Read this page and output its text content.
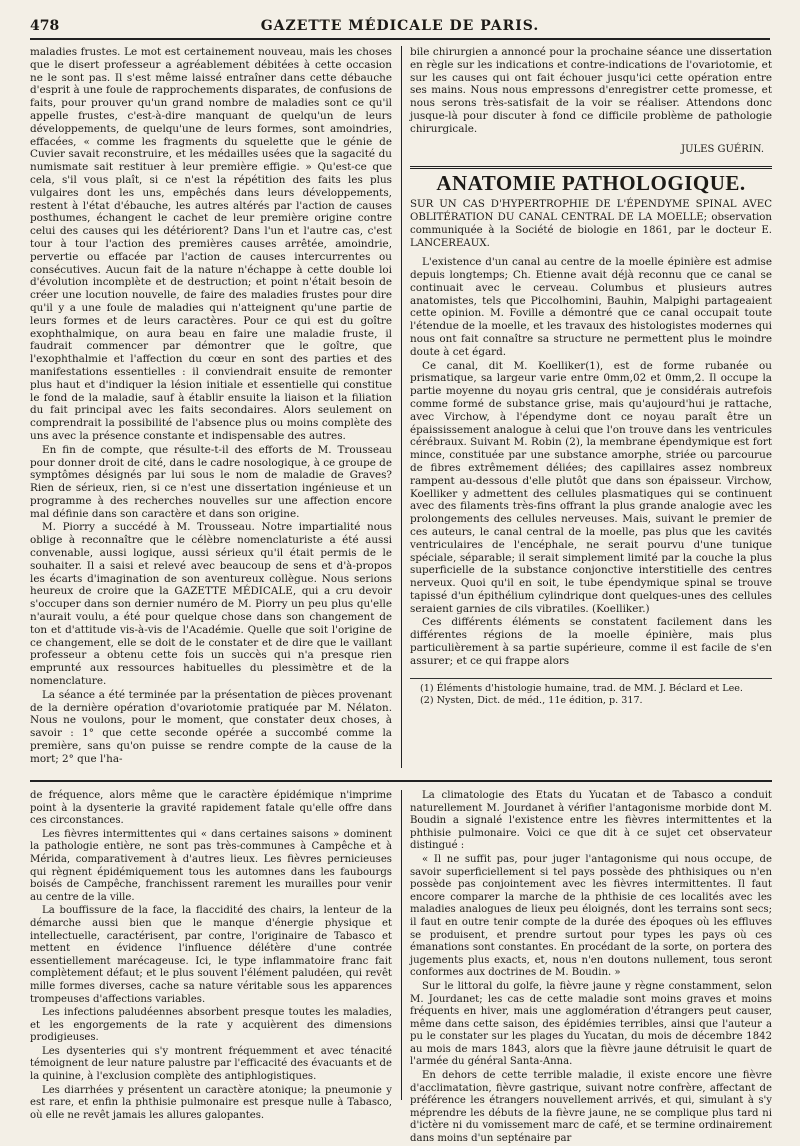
478	GAZETTE MÉDICALE DE PARIS.

maladies frustes. Le mot est certainement nouveau, mais les choses que le disert professeur a agréablement débitées à cette occasion ne le sont pas. Il s'est même laissé entraîner dans cette débauche d'esprit à une foule de rapprochements disparates, de confusions de faits, pour prouver qu'un grand nombre de maladies sont ce qu'il appelle frustes, c'est-à-dire manquant de quelqu'un de leurs développements, de quelqu'une de leurs formes, sont amoindries, effacées, « comme les fragments du squelette que le génie de Cuvier savait reconstruire, et les médailles usées que la sagacité du numismate sait restituer à leur première effigie. » Qu'est-ce que cela, s'il vous plaît, si ce n'est la répétition des faits les plus vulgaires dont les uns, empêchés dans leurs développements, restent à l'état d'ébauche, les autres altérés par l'action de causes posthumes, échangent le cachet de leur première origine contre celui des causes qui les détériorent? Dans l'un et l'autre cas, c'est tour à tour l'action des premières causes arrêtée, amoindrie, pervertie ou effacée par l'action de causes intercurrentes ou consécutives. Aucun fait de la nature n'échappe à cette double loi d'évolution incomplète et de destruction; et point n'était besoin de créer une locution nouvelle, de faire des maladies frustes pour dire qu'il y a une foule de maladies qui n'atteignent qu'une partie de leurs formes et de leurs caractères. Pour ce qui est du goître exophthalmique, on aura beau en faire une maladie fruste, il faudrait commencer par démontrer que le goître, que l'exophthalmie et l'affection du cœur en sont des parties et des manifestations essentielles : il conviendrait ensuite de remonter plus haut et d'indiquer la lésion initiale et essentielle qui constitue le fond de la maladie, sauf à établir ensuite la liaison et la filiation du fait principal avec les faits secondaires. Alors seulement on comprendrait la possibilité de l'absence plus ou moins complète des uns avec la présence constante et indispensable des autres.

En fin de compte, que résulte-t-il des efforts de M. Trousseau pour donner droit de cité, dans le cadre nosologique, à ce groupe de symptômes désignés par lui sous le nom de maladie de Graves? Rien de sérieux, rien, si ce n'est une dissertation ingénieuse et un programme à des recherches nouvelles sur une affection encore mal définie dans son caractère et dans son origine.

M. Piorry a succédé à M. Trousseau. Notre impartialité nous oblige à reconnaître que le célèbre nomenclaturiste a été aussi convenable, aussi logique, aussi sérieux qu'il était permis de le souhaiter. Il a saisi et relevé avec beaucoup de sens et d'à-propos les écarts d'imagination de son aventureux collègue. Nous serions heureux de croire que la GAZETTE MÉDICALE, qui a cru devoir s'occuper dans son dernier numéro de M. Piorry un peu plus qu'elle n'aurait voulu, a été pour quelque chose dans son changement de ton et d'attitude vis-à-vis de l'Académie. Quelle que soit l'origine de ce changement, elle se doit de le constater et de dire que le vaillant professeur a obtenu cette fois un succès qui n'a presque rien emprunté aux ressources habituelles du plessimètre et de la nomenclature.

La séance a été terminée par la présentation de pièces provenant de la dernière opération d'ovariotomie pratiquée par M. Nélaton. Nous ne voulons, pour le moment, que constater deux choses, à savoir : 1° que cette seconde opérée a succombé comme la première, sans qu'on puisse se rendre compte de la cause de la mort; 2° que l'ha-

bile chirurgien a annoncé pour la prochaine séance une dissertation en règle sur les indications et contre-indications de l'ovariotomie, et sur les causes qui ont fait échouer jusqu'ici cette opération entre ses mains. Nous nous empressons d'enregistrer cette promesse, et nous serons très-satisfait de la voir se réaliser. Attendons donc jusque-là pour discuter à fond ce difficile problème de pathologie chirurgicale.

JULES GUÉRIN.
ANATOMIE PATHOLOGIQUE.

SUR UN CAS D'HYPERTROPHIE DE L'ÉPENDYME SPINAL AVEC OBLITÉRATION DU CANAL CENTRAL DE LA MOELLE; observation communiquée à la Société de biologie en 1861, par le docteur E. LANCEREAUX.

L'existence d'un canal au centre de la moelle épinière est admise depuis longtemps; Ch. Etienne avait déjà reconnu que ce canal se continuait avec le cerveau. Columbus et plusieurs autres anatomistes, tels que Piccolhomini, Bauhin, Malpighi partageaient cette opinion. M. Foville a démontré que ce canal occupait toute l'étendue de la moelle, et les travaux des histologistes modernes qui nous ont fait connaître sa structure ne permettent plus le moindre doute à cet égard.

Ce canal, dit M. Koelliker(1), est de forme rubanée ou prismatique, sa largeur varie entre 0mm,02 et 0mm,2. Il occupe la partie moyenne du noyau gris central, que je considérais autrefois comme formé de substance grise, mais qu'aujourd'hui je rattache, avec Virchow, à l'épendyme dont ce noyau paraît être un épaississement analogue à celui que l'on trouve dans les ventricules cérébraux. Suivant M. Robin (2), la membrane épendymique est fort mince, constituée par une substance amorphe, striée ou parcourue de fibres extrêmement déliées; des capillaires assez nombreux rampent au-dessous d'elle plutôt que dans son épaisseur. Virchow, Koelliker y admettent des cellules plasmatiques qui se continuent avec des filaments très-fins offrant la plus grande analogie avec les prolongements des cellules nerveuses. Mais, suivant le premier de ces auteurs, le canal central de la moelle, pas plus que les cavités ventriculaires de l'encéphale, ne serait pourvu d'une tunique spéciale, séparable; il serait simplement limité par la couche la plus superficielle de la substance conjonctive interstitielle des centres nerveux. Quoi qu'il en soit, le tube épendymique spinal se trouve tapissé d'un épithélium cylindrique dont quelques-unes des cellules seraient garnies de cils vibratiles. (Koelliker.)

Ces différents éléments se constatent facilement dans les différentes régions de la moelle épinière, mais plus particulièrement à sa partie supérieure, comme il est facile de s'en assurer; et ce qui frappe alors

(1) Éléments d'histologie humaine, trad. de MM. J. Béclard et Lee.
(2) Nysten, Dict. de méd., 11e édition, p. 317.

de fréquence, alors même que le caractère épidémique n'imprime point à la dysenterie la gravité rapidement fatale qu'elle offre dans ces circonstances.

Les fièvres intermittentes qui « dans certaines saisons » dominent la pathologie entière, ne sont pas très-communes à Campêche et à Mérida, comparativement à d'autres lieux. Les fièvres pernicieuses qui règnent épidémiquement tous les automnes dans les faubourgs boisés de Campêche, franchissent rarement les murailles pour venir au centre de la ville.

La bouffissure de la face, la flaccidité des chairs, la lenteur de la démarche aussi bien que le manque d'énergie physique et intellectuelle, caractérisent, par contre, l'originaire de Tabasco et mettent en évidence l'influence délétère d'une contrée essentiellement marécageuse. Ici, le type inflammatoire franc fait complètement défaut; et le plus souvent l'élément paludéen, qui revêt mille formes diverses, cache sa nature véritable sous les apparences trompeuses d'affections variables.

Les infections paludéennes absorbent presque toutes les maladies, et les engorgements de la rate y acquièrent des dimensions prodigieuses.

Les dysenteries qui s'y montrent fréquemment et avec ténacité témoignent de leur nature palustre par l'efficacité des évacuants et de la quinine, à l'exclusion complète des antiphlogistiques.

Les diarrhées y présentent un caractère atonique; la pneumonie y est rare, et enfin la phthisie pulmonaire est presque nulle à Tabasco, où elle ne revêt jamais les allures galopantes.

La climatologie des Etats du Yucatan et de Tabasco a conduit naturellement M. Jourdanet à vérifier l'antagonisme morbide dont M. Boudin a signalé l'existence entre les fièvres intermittentes et la phthisie pulmonaire. Voici ce que dit à ce sujet cet observateur distingué :

« Il ne suffit pas, pour juger l'antagonisme qui nous occupe, de savoir superficiellement si tel pays possède des phthisiques ou n'en possède pas conjointement avec les fièvres intermittentes. Il faut encore comparer la marche de la phthisie de ces localités avec les maladies analogues de lieux peu éloignés, dont les terrains sont secs; il faut en outre tenir compte de la durée des époques où les effluves se produisent, et prendre surtout pour types les pays où ces émanations sont constantes. En procédant de la sorte, on portera des jugements plus exacts, et, nous n'en doutons nullement, tous seront conformes aux doctrines de M. Boudin. »

Sur le littoral du golfe, la fièvre jaune y règne constamment, selon M. Jourdanet; les cas de cette maladie sont moins graves et moins fréquents en hiver, mais une agglomération d'étrangers peut causer, même dans cette saison, des épidémies terribles, ainsi que l'auteur a pu le constater sur les plages du Yucatan, du mois de décembre 1842 au mois de mars 1843, alors que la fièvre jaune détruisit le quart de l'armée du général Santa-Anna.

En dehors de cette terrible maladie, il existe encore une fièvre d'acclimatation, fièvre gastrique, suivant notre confrère, affectant de préférence les étrangers nouvellement arrivés, et qui, simulant à s'y méprendre les débuts de la fièvre jaune, ne se complique plus tard ni d'ictère ni du vomissement marc de café, et se termine ordinairement dans moins d'un septénaire par
